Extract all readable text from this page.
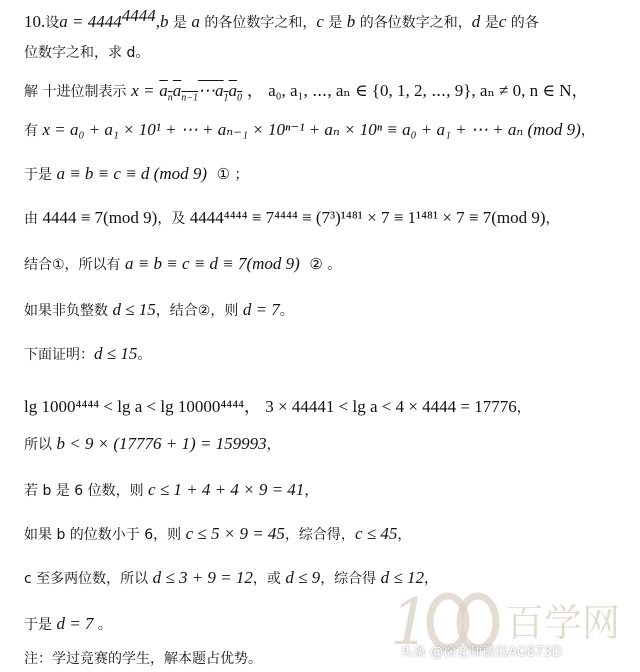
10.设$a = 4444^{4444},b$ 是 a 的各位数字之和，c 是 b 的各位数字之和，d 是c 的各
位数字之和，求 d。
解 十进位制表示 $x = a_na_{n-1}\cdots a_1a_0$ ， a₀, a₁, ⋯, aₙ ∈ {0, 1, 2, ⋯, 9}, aₙ ≠ 0, n ∈ N，
有 x = a₀ + a₁ × 10¹ + ⋯ + aₙ₋₁ × 10ⁿ⁻¹ + aₙ × 10ⁿ ≡ a₀ + a₁ + ⋯ + aₙ (mod 9)，
于是 a ≡ b ≡ c ≡ d (mod 9) ① ；
由 4444 ≡ 7(mod 9)，及 4444⁴⁴⁴⁴ ≡ 7⁴⁴⁴⁴ ≡ (7³)¹⁴⁸¹ × 7 ≡ 1¹⁴⁸¹ × 7 ≡ 7(mod 9)，
结合①，所以有 a ≡ b ≡ c ≡ d ≡ 7(mod 9) ② 。
如果非负整数 d ≤ 15，结合②，则 d = 7。
下面证明：d ≤ 15。
lg 1000⁴⁴⁴⁴ < lg a < lg 10000⁴⁴⁴⁴， 3 × 44441 < lg a < 4 × 4444 = 17776，
所以 b < 9 × (17776 + 1) = 159993，
若 b 是 6 位数，则 c ≤ 1 + 4 + 4 × 9 = 41，
如果 b 的位数小于 6，则 c ≤ 5 × 9 = 45，综合得，c ≤ 45，
c 至多两位数，所以 d ≤ 3 + 9 = 12，或 d ≤ 9，综合得 d ≤ 12，
于是 d = 7 。
注：学过竞赛的学生，解本题占优势。 1 百学网
头条 @徐老师微信AG873D
